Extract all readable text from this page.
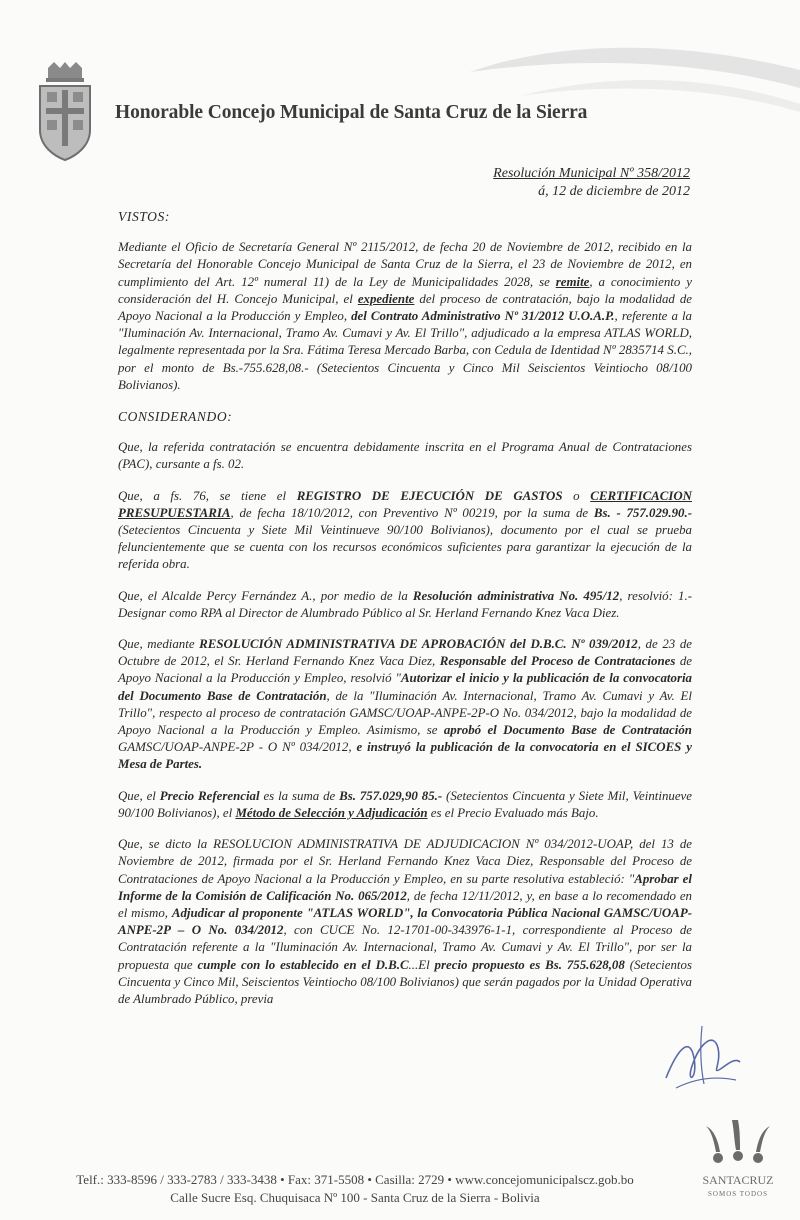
Honorable Concejo Municipal de Santa Cruz de la Sierra
Resolución Municipal Nº 358/2012
á, 12 de diciembre de 2012

VISTOS:

Mediante el Oficio de Secretaría General Nº 2115/2012, de fecha 20 de Noviembre de 2012, recibido en la Secretaría del Honorable Concejo Municipal de Santa Cruz de la Sierra, el 23 de Noviembre de 2012, en cumplimiento del Art. 12º numeral 11) de la Ley de Municipalidades 2028, se remite, a conocimiento y consideración del H. Concejo Municipal, el expediente del proceso de contratación, bajo la modalidad de Apoyo Nacional a la Producción y Empleo, del Contrato Administrativo Nº 31/2012 U.O.A.P., referente a la "Iluminación Av. Internacional, Tramo Av. Cumavi y Av. El Trillo", adjudicado a la empresa ATLAS WORLD, legalmente representada por la Sra. Fátima Teresa Mercado Barba, con Cedula de Identidad Nº 2835714 S.C., por el monto de Bs.-755.628,08.- (Setecientos Cincuenta y Cinco Mil Seiscientos Veintiocho 08/100 Bolivianos).

CONSIDERANDO:

Que, la referida contratación se encuentra debidamente inscrita en el Programa Anual de Contrataciones (PAC), cursante a fs. 02.

Que, a fs. 76, se tiene el REGISTRO DE EJECUCIÓN DE GASTOS o CERTIFICACION PRESUPUESTARIA, de fecha 18/10/2012, con Preventivo Nº 00219, por la suma de Bs. - 757.029.90.- (Setecientos Cincuenta y Siete Mil Veintinueve 90/100 Bolivianos), documento por el cual se prueba feluncientemente que se cuenta con los recursos económicos suficientes para garantizar la ejecución de la referida obra.

Que, el Alcalde Percy Fernández A., por medio de la Resolución administrativa No. 495/12, resolvió: 1.- Designar como RPA al Director de Alumbrado Público al Sr. Herland Fernando Knez Vaca Diez.

Que, mediante RESOLUCIÓN ADMINISTRATIVA DE APROBACIÓN del D.B.C. Nº 039/2012, de 23 de Octubre de 2012, el Sr. Herland Fernando Knez Vaca Diez, Responsable del Proceso de Contrataciones de Apoyo Nacional a la Producción y Empleo, resolvió "Autorizar el inicio y la publicación de la convocatoria del Documento Base de Contratación, de la "Iluminación Av. Internacional, Tramo Av. Cumavi y Av. El Trillo", respecto al proceso de contratación GAMSC/UOAP-ANPE-2P-O No. 034/2012, bajo la modalidad de Apoyo Nacional a la Producción y Empleo. Asimismo, se aprobó el Documento Base de Contratación GAMSC/UOAP-ANPE-2P - O Nº 034/2012, e instruyó la publicación de la convocatoria en el SICOES y Mesa de Partes.

Que, el Precio Referencial es la suma de Bs. 757.029,90 85.- (Setecientos Cincuenta y Siete Mil, Veintinueve 90/100 Bolivianos), el Método de Selección y Adjudicación es el Precio Evaluado más Bajo.

Que, se dicto la RESOLUCION ADMINISTRATIVA DE ADJUDICACION Nº 034/2012-UOAP, del 13 de Noviembre de 2012, firmada por el Sr. Herland Fernando Knez Vaca Diez, Responsable del Proceso de Contrataciones de Apoyo Nacional a la Producción y Empleo, en su parte resolutiva estableció: "Aprobar el Informe de la Comisión de Calificación No. 065/2012, de fecha 12/11/2012, y, en base a lo recomendado en el mismo, Adjudicar al proponente "ATLAS WORLD", la Convocatoria Pública Nacional GAMSC/UOAP-ANPE-2P – O No. 034/2012, con CUCE No. 12-1701-00-343976-1-1, correspondiente al Proceso de Contratación referente a la "Iluminación Av. Internacional, Tramo Av. Cumavi y Av. El Trillo", por ser la propuesta que cumple con lo establecido en el D.B.C...El precio propuesto es Bs. 755.628,08 (Setecientos Cincuenta y Cinco Mil, Seiscientos Veintiocho 08/100 Bolivianos) que serán pagados por la Unidad Operativa de Alumbrado Público, previa

Telf.: 333-8596 / 333-2783 / 333-3438 • Fax: 371-5508 • Casilla: 2729 • www.concejomunicipalscz.gob.bo
Calle Sucre Esq. Chuquisaca Nº 100 - Santa Cruz de la Sierra - Bolivia
SANTACRUZ
SOMOS TODOS
